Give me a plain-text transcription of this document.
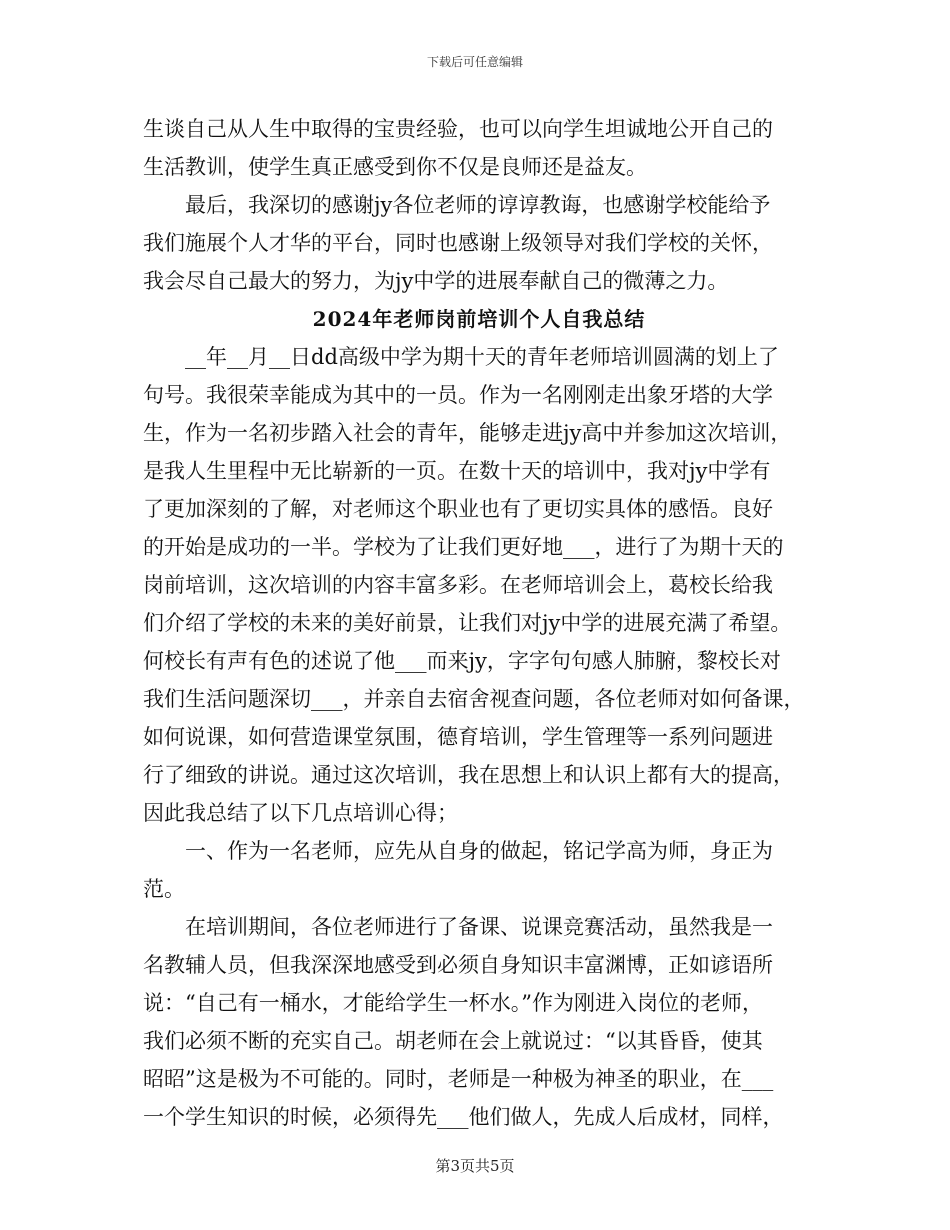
下载后可任意编辑
生谈自己从人生中取得的宝贵经验，也可以向学生坦诚地公开自己的
生活教训，使学生真正感受到你不仅是良师还是益友。
最后，我深切的感谢jy各位老师的谆谆教诲，也感谢学校能给予
我们施展个人才华的平台，同时也感谢上级领导对我们学校的关怀，
我会尽自己最大的努力，为jy中学的进展奉献自己的微薄之力。
2024年老师岗前培训个人自我总结
__年__月__日dd高级中学为期十天的青年老师培训圆满的划上了
句号。我很荣幸能成为其中的一员。作为一名刚刚走出象牙塔的大学
生，作为一名初步踏入社会的青年，能够走进jy高中并参加这次培训，
是我人生里程中无比崭新的一页。在数十天的培训中，我对jy中学有
了更加深刻的了解，对老师这个职业也有了更切实具体的感悟。良好
的开始是成功的一半。学校为了让我们更好地___，进行了为期十天的
岗前培训，这次培训的内容丰富多彩。在老师培训会上，葛校长给我
们介绍了学校的未来的美好前景，让我们对jy中学的进展充满了希望。
何校长有声有色的述说了他___而来jy，字字句句感人肺腑，黎校长对
我们生活问题深切___，并亲自去宿舍视查问题，各位老师对如何备课，
如何说课，如何营造课堂氛围，德育培训，学生管理等一系列问题进
行了细致的讲说。通过这次培训，我在思想上和认识上都有大的提高，
因此我总结了以下几点培训心得；
一、作为一名老师，应先从自身的做起，铭记学高为师，身正为
范。
在培训期间，各位老师进行了备课、说课竞赛活动，虽然我是一
名教辅人员，但我深深地感受到必须自身知识丰富渊博，正如谚语所
说：“自己有一桶水，才能给学生一杯水。”作为刚进入岗位的老师，
我们必须不断的充实自己。胡老师在会上就说过：“以其昏昏，使其
昭昭”这是极为不可能的。同时，老师是一种极为神圣的职业，在___
一个学生知识的时候，必须得先___他们做人，先成人后成材，同样，
第3页共5页
